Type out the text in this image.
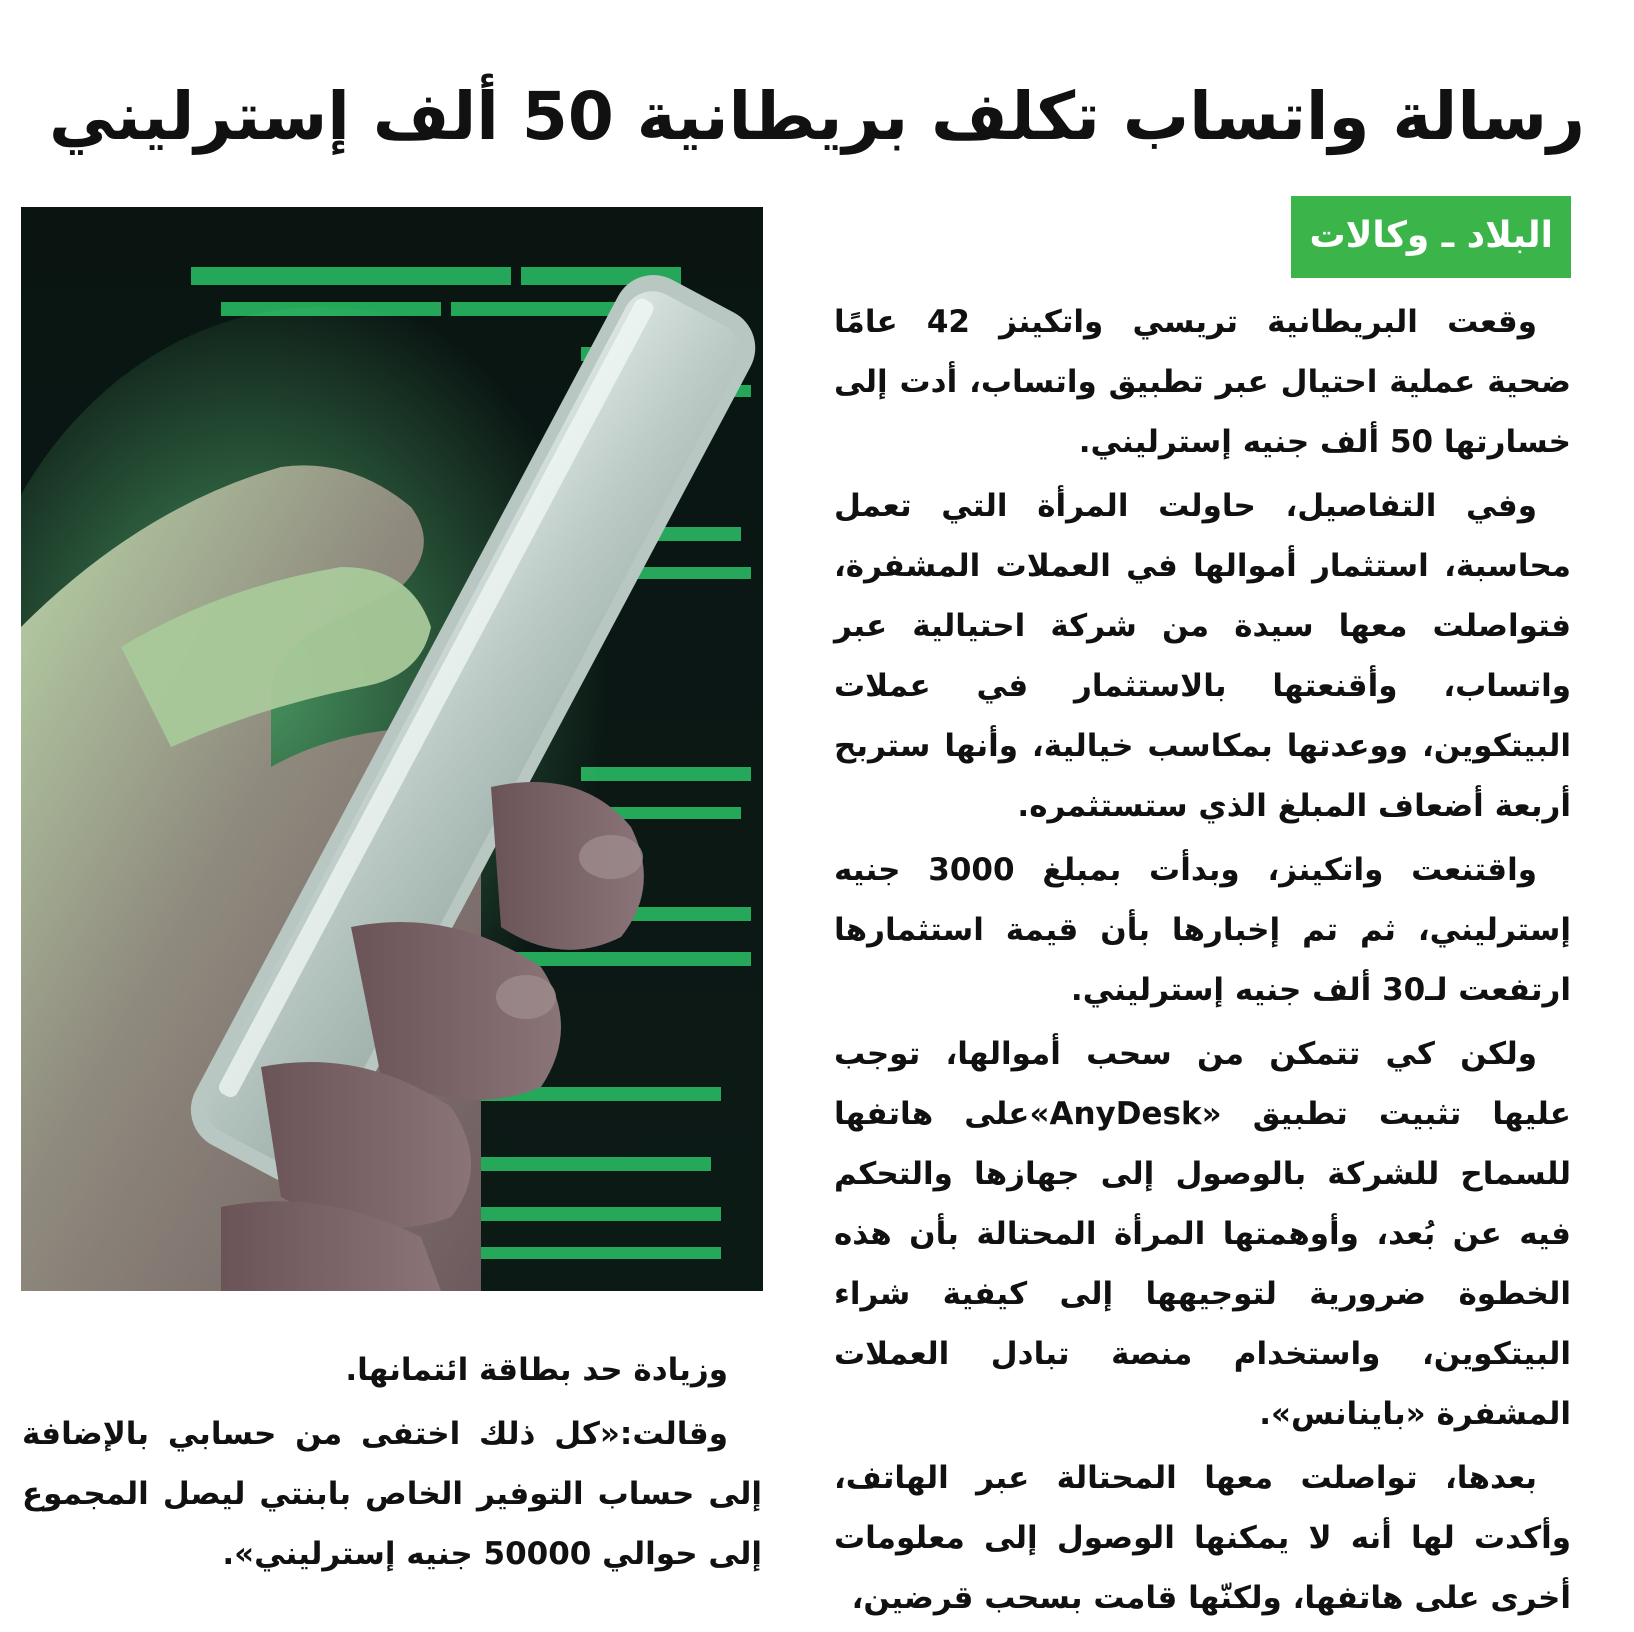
رسالة واتساب تكلف بريطانية 50 ألف إسترليني
البلاد ـ وكالات

وقعت البريطانية تريسي واتكينز 42 عامًا ضحية عملية احتيال عبر تطبيق واتساب، أدت إلى خسارتها 50 ألف جنيه إسترليني.

وفي التفاصيل، حاولت المرأة التي تعمل محاسبة، استثمار أموالها في العملات المشفرة، فتواصلت معها سيدة من شركة احتيالية عبر واتساب، وأقنعتها بالاستثمار في عملات البيتكوين، ووعدتها بمكاسب خيالية، وأنها ستربح أربعة أضعاف المبلغ الذي ستستثمره.

واقتنعت واتكينز، وبدأت بمبلغ 3000 جنيه إسترليني، ثم تم إخبارها بأن قيمة استثمارها ارتفعت لـ30 ألف جنيه إسترليني.

ولكن كي تتمكن من سحب أموالها، توجب عليها تثبيت تطبيق «AnyDesk»على هاتفها للسماح للشركة بالوصول إلى جهازها والتحكم فيه عن بُعد، وأوهمتها المرأة المحتالة بأن هذه الخطوة ضرورية لتوجيهها إلى كيفية شراء البيتكوين، واستخدام منصة تبادل العملات المشفرة «باينانس».

بعدها، تواصلت معها المحتالة عبر الهاتف، وأكدت لها أنه لا يمكنها الوصول إلى معلومات أخرى على هاتفها، ولكنّها قامت بسحب قرضين،

وزيادة حد بطاقة ائتمانها.

وقالت:«كل ذلك اختفى من حسابي بالإضافة إلى حساب التوفير الخاص بابنتي ليصل المجموع إلى حوالي 50000 جنيه إسترليني».
